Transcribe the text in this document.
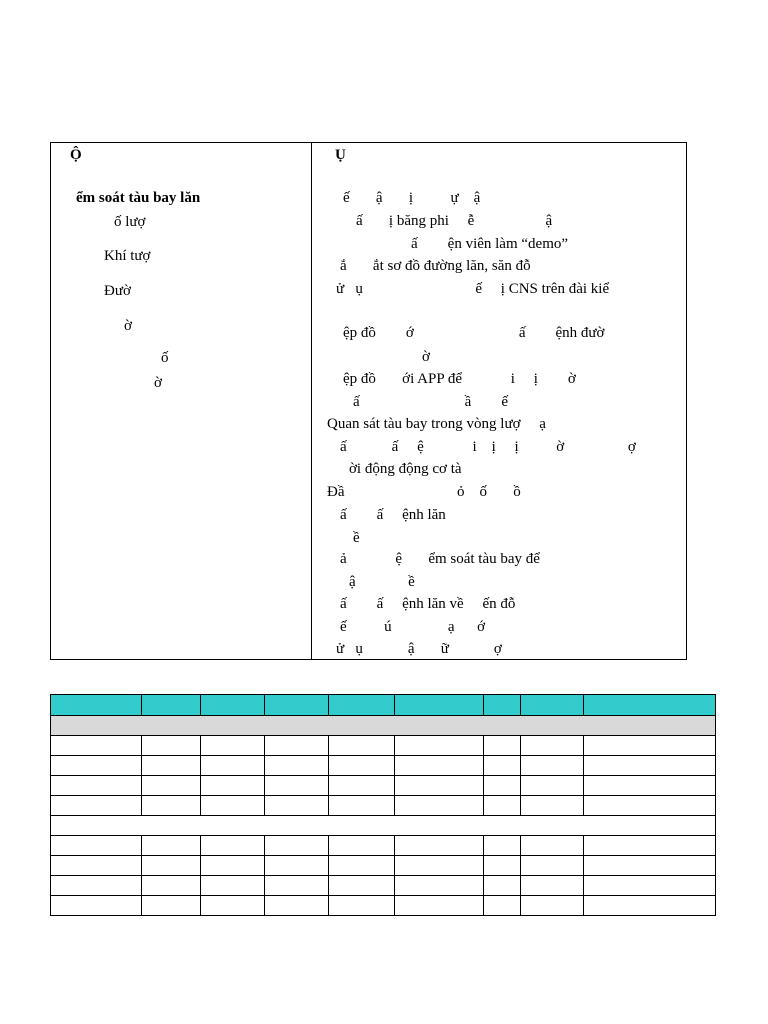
Ộ
ểm soát tàu bay lăn
ố lượ
Khí tượ
Đườ
ờ
ố
ờ
Ụ
ế       ậ       ị          ự    ậ
ấ       ị băng phi     ễ                   ậ
ấ        ện viên làm “demo”
ắ       ắt sơ đồ đường lăn, săn đỗ
ử   ụ                              ế     ị CNS trên đài kiể
ệp đồ        ớ                            ấ        ệnh đườ
ờ
ệp đồ       ới APP để             i     ị        ờ
ấ                            ầ        ế
Quan sát tàu bay trong vòng lượ     ạ
ấ            ấ     ệ             i    ị     ị          ờ                 ợ
ời động động cơ tà
Đầ                              ỏ    ố       ồ
ấ        ấ     ệnh lăn
ề
ả             ệ       ểm soát tàu bay để
ậ              ề
ấ        ấ     ệnh lăn về     ến đỗ
ế          ú               ạ      ớ
ử   ụ            ậ       ữ            ợ
